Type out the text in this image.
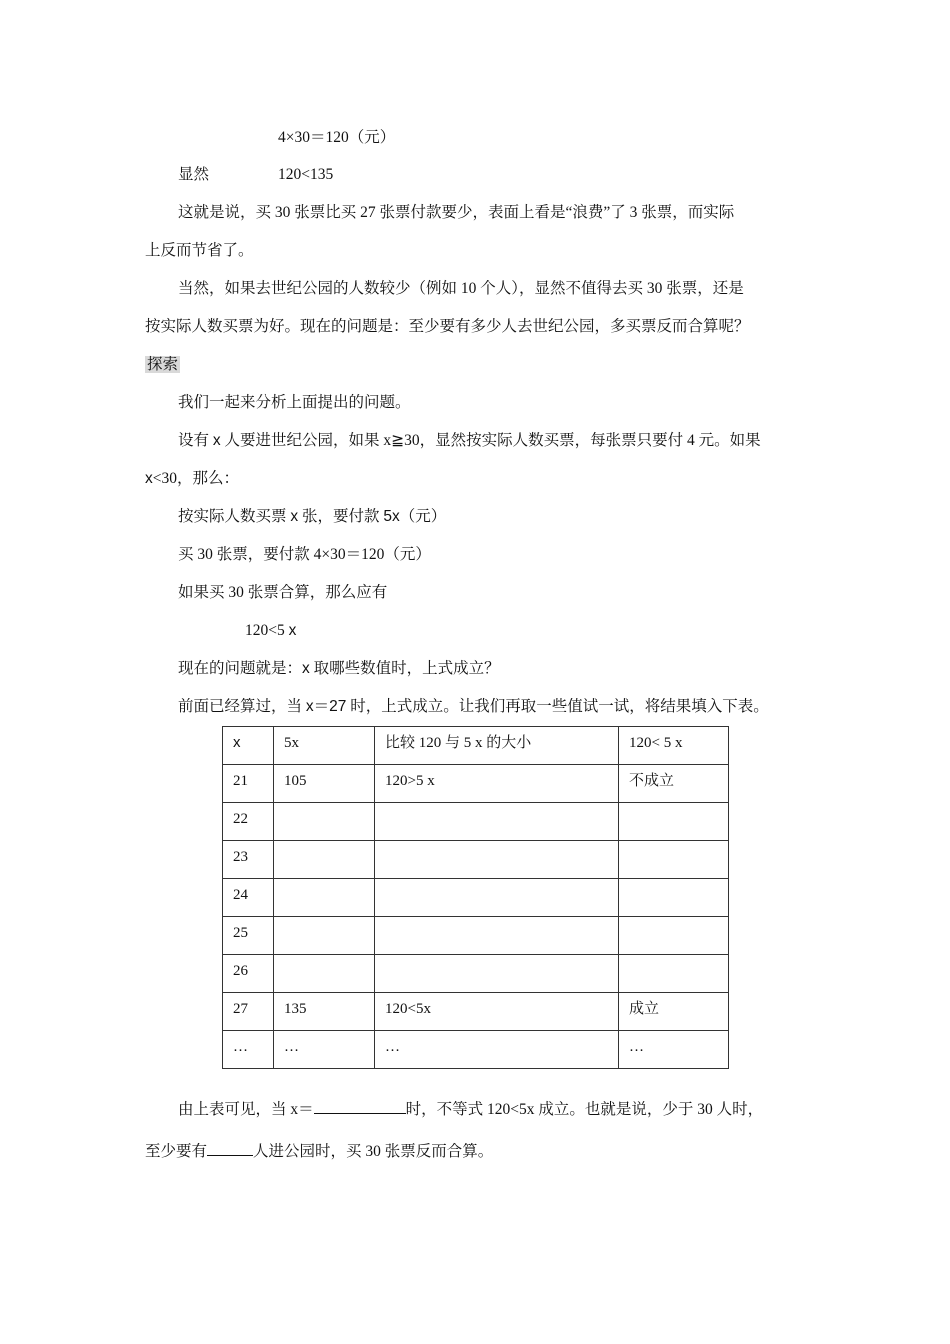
4×30＝120（元）
显然	120<135
这就是说，买 30 张票比买 27 张票付款要少，表面上看是“浪费”了 3 张票，而实际
上反而节省了。
当然，如果去世纪公园的人数较少（例如 10 个人），显然不值得去买 30 张票，还是
按实际人数买票为好。现在的问题是：至少要有多少人去世纪公园，多买票反而合算呢？
探索
我们一起来分析上面提出的问题。
设有 x 人要进世纪公园，如果 x≧30，显然按实际人数买票，每张票只要付 4 元。如果
x<30，那么：
按实际人数买票 x 张，要付款 5x（元）
买 30 张票，要付款 4×30＝120（元）
如果买 30 张票合算，那么应有
120<5 x
现在的问题就是：x 取哪些数值时，上式成立？
前面已经算过，当 x＝27 时，上式成立。让我们再取一些值试一试，将结果填入下表。
x	5x	比较 120 与 5 x 的大小	120< 5 x
21	105	120>5 x	不成立
22			
23			
24			
25			
26			
27	135	120<5x	成立
…	…	…	…
由上表可见，当 x＝	时，不等式 120<5x 成立。也就是说，少于 30 人时，
至少要有	人进公园时，买 30 张票反而合算。
